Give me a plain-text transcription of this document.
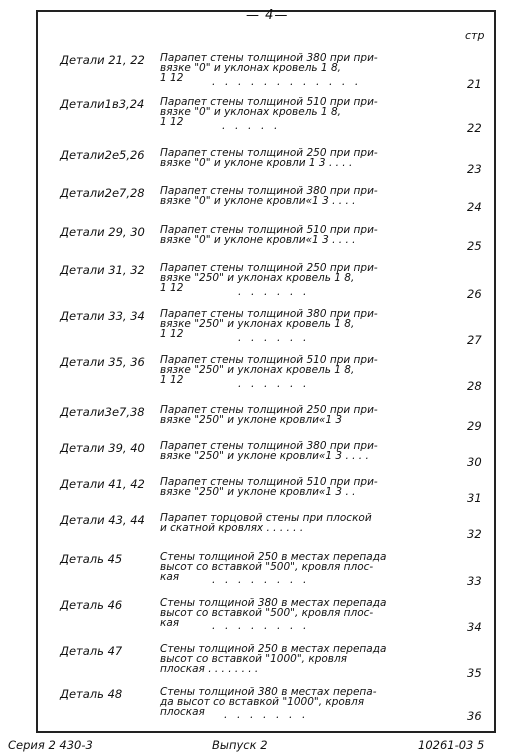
— 4—
стр
Детали 21, 22 Парапет стены толщиной 380 при при-
вязке "0" и уклонах кровель 1 8,
1 12	. . . . . . . . . . . .	21
Детали1в3,24 Парапет стены толщиной 510 при при-
вязке "0" и уклонах кровель 1 8,
1 12	. . . . .	22
Детали2е5,26 Парапет стены толщиной 250 при при-
вязке "0" и уклоне кровли 1 3 . . . .	23
Детали2е7,28 Парапет стены толщиной 380 при при-
вязке "0" и уклоне кровли«1 3 . . . .	24
Детали 29, 30 Парапет стены толщиной 510 при при-
вязке "0" и уклоне кровли«1 3 . . . .	25
Детали 31, 32 Парапет стены толщиной 250 при при-
вязке "250" и уклонах кровель 1 8,
1 12	. . . . . .	26
Детали 33, 34 Парапет стены толщиной 380 при при-
вязке "250" и уклонах кровель 1 8,
1 12	. . . . . .	27
Детали 35, 36 Парапет стены толщиной 510 при при-
вязке "250" и уклонах кровель 1 8,
1 12	. . . . . .	28
Детали3е7,38 Парапет стены толщиной 250 при при-
вязке "250" и уклоне кровли«1 3	29
Детали 39, 40 Парапет стены толщиной 380 при при-
вязке "250" и уклоне кровли«1 3 . . . .	30
Детали 41, 42 Парапет стены толщиной 510 при при-
вязке "250" и уклоне кровли«1 3 . .	31
Детали 43, 44 Парапет торцовой стены при плоской
и скатной кровлях . . . . . .	32
Деталь 45	Стены толщиной 250 в местах перепада
высот со вставкой "500", кровля плос-
кая	. . . . . . . .	33
Деталь 46	Стены толщиной 380 в местах перепада
высот со вставкой "500", кровля плос-
кая	. . . . . . . .	34
Деталь 47	Стены толщиной 250 в местах перепада
высот со вставкой "1000", кровля
плоская . . . . . . . .	35
Деталь 48	Стены толщиной 380 в местах перепа-
да высот со вставкой "1000", кровля
плоская	. . . . . . .	36
Серия 2 430-3	Выпуск 2	10261-03 5
